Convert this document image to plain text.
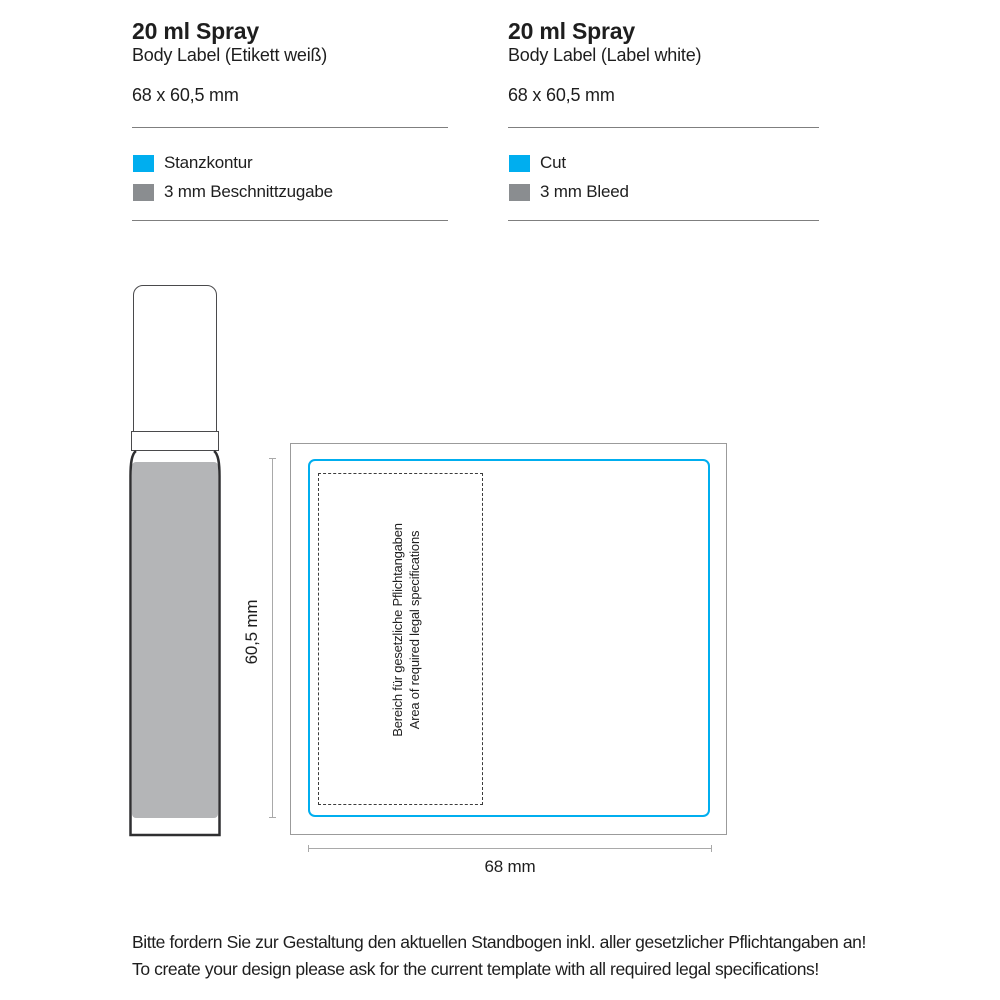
20 ml Spray
Body Label (Etikett weiß)
68 x 60,5 mm
20 ml Spray
Body Label (Label white)
68 x 60,5 mm
Stanzkontur
3 mm Beschnittzugabe
Cut
3 mm Bleed
Bereich für gesetzliche Pflichtangaben Area of required legal specifications
60,5 mm
68 mm
Bitte fordern Sie zur Gestaltung den aktuellen Standbogen inkl. aller gesetzlicher Pflichtangaben an!
To create your design please ask for the current template with all required legal specifications!
